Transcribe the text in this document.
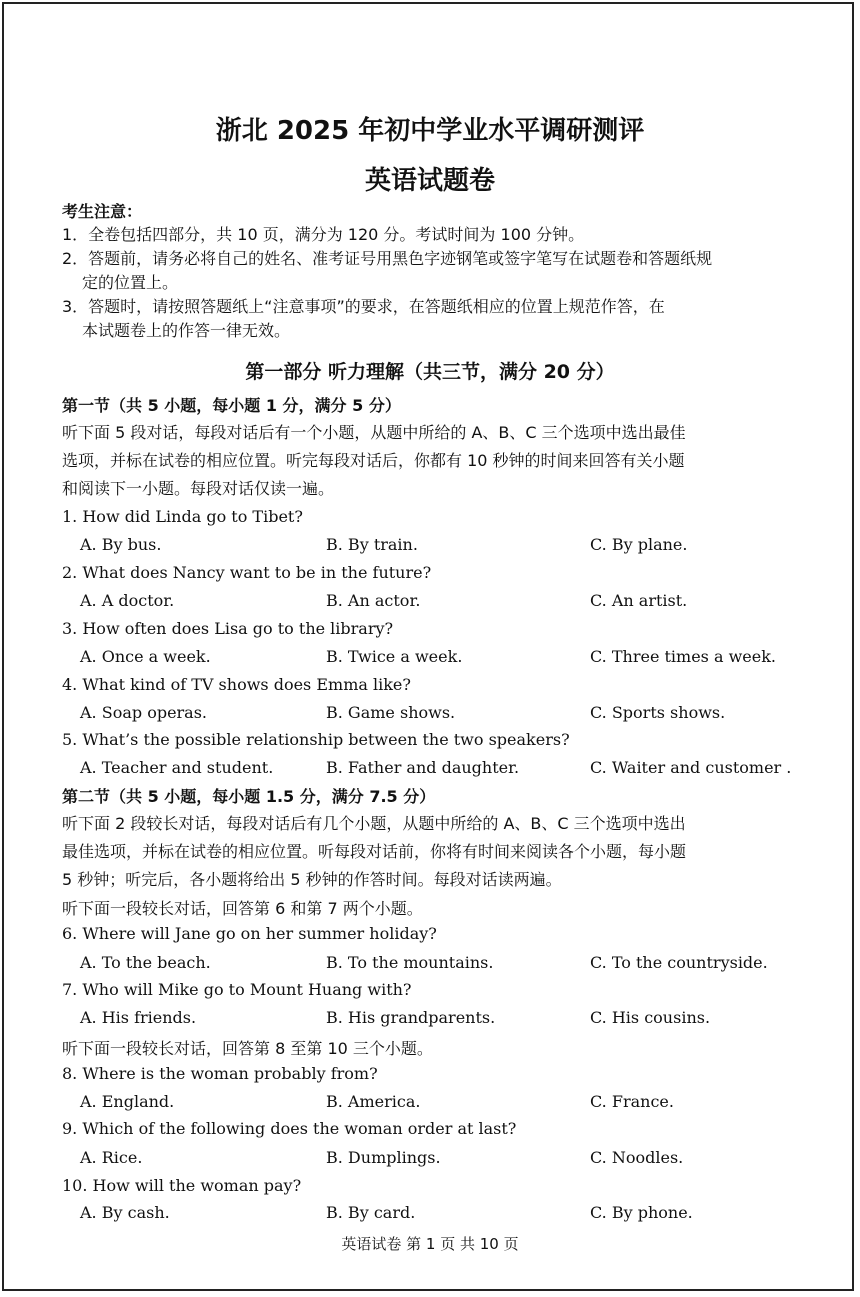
浙北 2025 年初中学业水平调研测评
英语试题卷
考生注意：
1．全卷包括四部分，共 10 页，满分为 120 分。考试时间为 100 分钟。
2．答题前，请务必将自己的姓名、准考证号用黑色字迹钢笔或签字笔写在试题卷和答题纸规
定的位置上。
3．答题时，请按照答题纸上“注意事项”的要求，在答题纸相应的位置上规范作答，在
本试题卷上的作答一律无效。
第一部分 听力理解（共三节，满分 20 分）
第一节（共 5 小题，每小题 1 分，满分 5 分）
听下面 5 段对话，每段对话后有一个小题，从题中所给的 A、B、C 三个选项中选出最佳
选项，并标在试卷的相应位置。听完每段对话后，你都有 10 秒钟的时间来回答有关小题
和阅读下一小题。每段对话仅读一遍。
1. How did Linda go to Tibet?
A. By bus.	B. By train.	C. By plane.
2. What does Nancy want to be in the future?
A. A doctor.	B. An actor.	C. An artist.
3. How often does Lisa go to the library?
A. Once a week.	B. Twice a week.	C. Three times a week.
4. What kind of TV shows does Emma like?
A. Soap operas.	B. Game shows.	C. Sports shows.
5. What’s the possible relationship between the two speakers?
A. Teacher and student.	B. Father and daughter.	C. Waiter and customer .
第二节（共 5 小题，每小题 1.5 分，满分 7.5 分）
听下面 2 段较长对话，每段对话后有几个小题，从题中所给的 A、B、C 三个选项中选出
最佳选项，并标在试卷的相应位置。听每段对话前，你将有时间来阅读各个小题，每小题
5 秒钟；听完后，各小题将给出 5 秒钟的作答时间。每段对话读两遍。
听下面一段较长对话，回答第 6 和第 7 两个小题。
6. Where will Jane go on her summer holiday?
A. To the beach.	B. To the mountains.	C. To the countryside.
7. Who will Mike go to Mount Huang with?
A. His friends.	B. His grandparents.	C. His cousins.
听下面一段较长对话，回答第 8 至第 10 三个小题。
8. Where is the woman probably from?
A. England.	B. America.	C. France.
9. Which of the following does the woman order at last?
A. Rice.	B. Dumplings.	C. Noodles.
10. How will the woman pay?
A. By cash.	B. By card.	C. By phone.
英语试卷 第 1 页 共 10 页
